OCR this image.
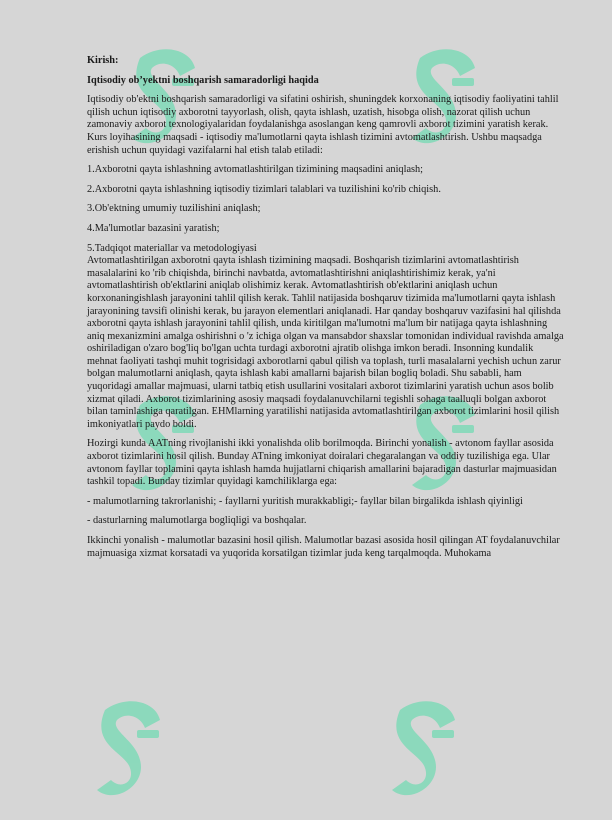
Kirish:

Iqtisodiy ob’yektni boshqarish samaradorligi haqida

Iqtisodiy ob'ektni boshqarish samaradorligi va sifatini oshirish, shuningdek korxonaning iqtisodiy faoliyatini tahlil qilish uchun iqtisodiy axborotni tayyorlash, olish, qayta ishlash, uzatish, hisobga olish, nazorat qilish uchun zamonaviy axborot texnologiyalaridan foydalanishga asoslangan keng qamrovli axborot tizimini yaratish kerak. Kurs loyihasining maqsadi - iqtisodiy ma'lumotlarni qayta ishlash tizimini avtomatlashtirish. Ushbu maqsadga erishish uchun quyidagi vazifalarni hal etish talab etiladi:

1.Axborotni qayta ishlashning avtomatlashtirilgan tizimining maqsadini aniqlash;

2.Axborotni qayta ishlashning iqtisodiy tizimlari talablari va tuzilishini ko'rib chiqish.

3.Ob'ektning umumiy tuzilishini aniqlash;

4.Ma'lumotlar bazasini yaratish;

5.Tadqiqot materiallar va metodologiyasi

Avtomatlashtirilgan axborotni qayta ishlash tizimining maqsadi. Boshqarish tizimlarini avtomatlashtirish masalalarini ko 'rib chiqishda, birinchi navbatda, avtomatlashtirishni aniqlashtirishimiz kerak, ya'ni avtomatlashtirish ob'ektlarini aniqlab olishimiz kerak. Avtomatlashtirish ob'ektlarini aniqlash uchun korxonaningishlash jarayonini tahlil qilish kerak. Tahlil natijasida boshqaruv tizimida ma'lumotlarni qayta ishlash jarayonining tavsifi olinishi kerak, bu jarayon elementlari aniqlanadi. Har qanday boshqaruv vazifasini hal qilishda axborotni qayta ishlash jarayonini tahlil qilish, unda kiritilgan ma'lumotni ma'lum bir natijaga qayta ishlashning aniq mexanizmini amalga oshirishni o 'z ichiga olgan va mansabdor shaxslar tomonidan individual ravishda amalga oshiriladigan o'zaro bog'liq bo'lgan uchta turdagi axborotni ajratib olishga imkon beradi. Insonning kundalik mehnat faoliyati tashqi muhit togrisidagi axborotlarni qabul qilish va toplash, turli masalalarni yechish uchun zarur bolgan malumotlarni aniqlash, qayta ishlash kabi amallarni bajarish bilan bogliq boladi. Shu sababli, ham yuqoridagi amallar majmuasi, ularni tatbiq etish usullarini vositalari axborot tizimlarini yaratish uchun asos bolib xizmat qiladi. Axborot tizimlarining asosiy maqsadi foydalanuvchilarni tegishli sohaga taalluqli bolgan axborot bilan taminlashiga qaratilgan. EHMlarning yaratilishi natijasida avtomatlashtirilgan axborot tizimlarini hosil qilish imkoniyatlari paydo boldi.

Hozirgi kunda AATning rivojlanishi ikki yonalishda olib borilmoqda. Birinchi yonalish - avtonom fayllar asosida axborot tizimlarini hosil qilish. Bunday ATning imkoniyat doiralari chegaralangan va oddiy tuzilishiga ega. Ular avtonom fayllar toplamini qayta ishlash hamda hujjatlarni chiqarish amallarini bajaradigan dasturlar majmuasidan tashkil topadi. Bunday tizimlar quyidagi kamchiliklarga ega:

- malumotlarning takrorlanishi; - fayllarni yuritish murakkabligi;- fayllar bilan birgalikda ishlash qiyinligi

- dasturlarning malumotlarga bogliqligi va boshqalar.

Ikkinchi yonalish - malumotlar bazasini hosil qilish. Malumotlar bazasi asosida hosil qilingan AT foydalanuvchilar majmuasiga xizmat korsatadi va yuqorida korsatilgan tizimlar juda keng tarqalmoqda. Muhokama
